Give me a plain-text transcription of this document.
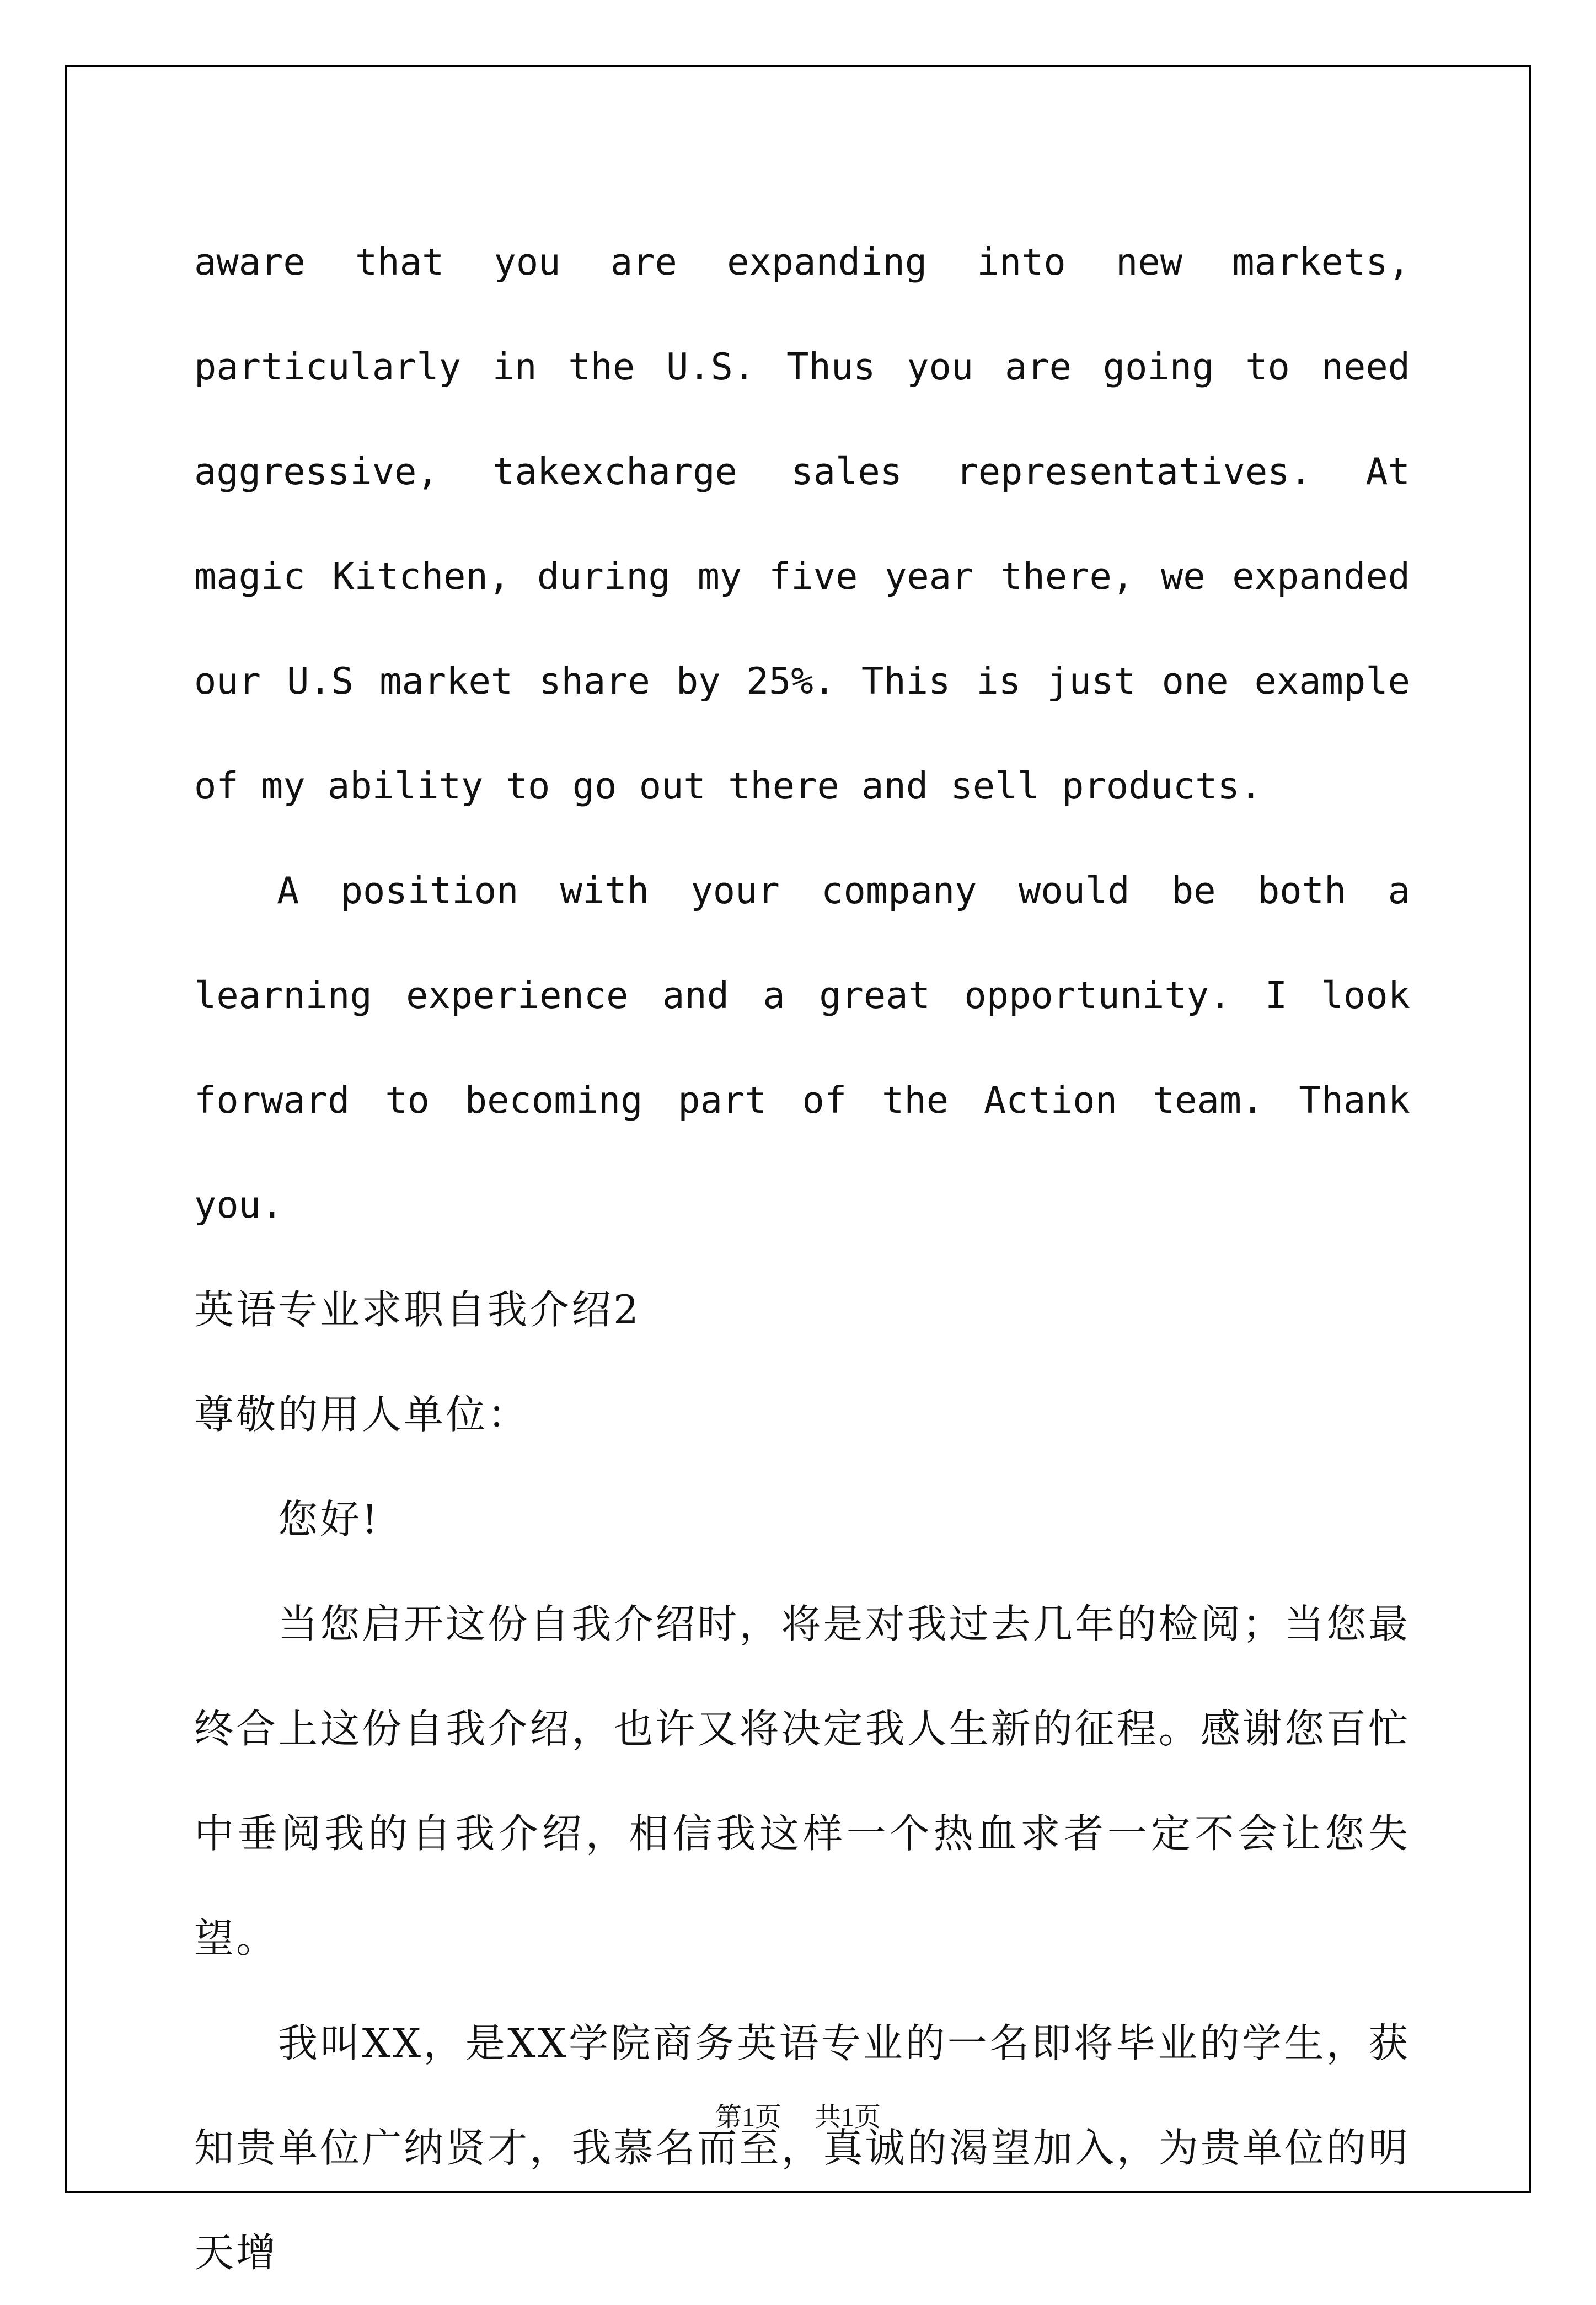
aware that you are expanding into new markets, particularly in the U.S. Thus you are going to need aggressive, takexcharge sales representatives. At magic Kitchen, during my five year there, we expanded our U.S market share by 25%. This is just one example of my ability to go out there and sell products.

A position with your company would be both a learning experience and a great opportunity. I look forward to becoming part of the Action team. Thank you.

英语专业求职自我介绍2

尊敬的用人单位：

您好!

当您启开这份自我介绍时，将是对我过去几年的检阅；当您最终合上这份自我介绍，也许又将决定我人生新的征程。感谢您百忙中垂阅我的自我介绍，相信我这样一个热血求者一定不会让您失望。

我叫XX，是XX学院商务英语专业的一名即将毕业的学生，获知贵单位广纳贤才，我慕名而至，真诚的渴望加入，为贵单位的明天增

第1页 共1页
